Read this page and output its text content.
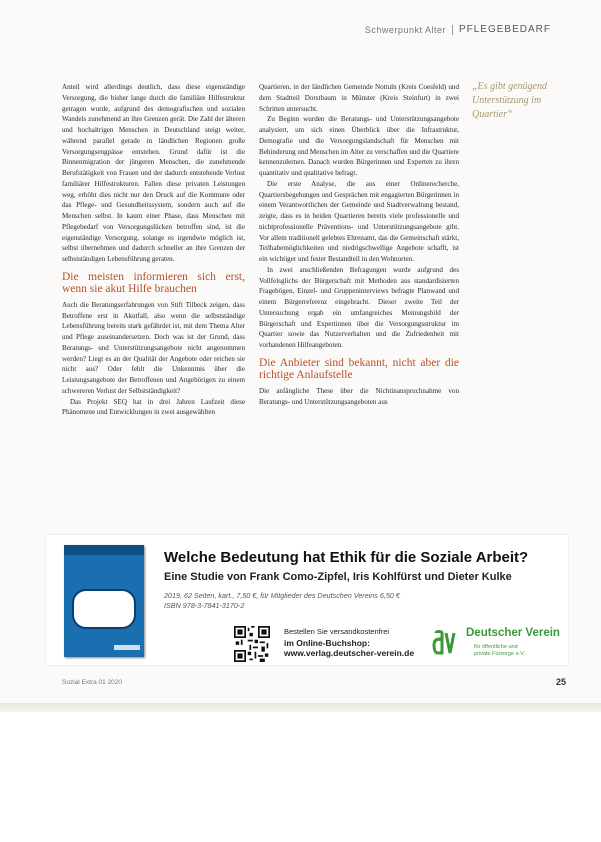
Schwerpunkt Alter PFLEGEBEDARF

Anteil wird allerdings deutlich, dass diese eigenständige Versorgung, die bisher lange durch die familiäre Hilfestruktur getragen wurde, aufgrund des demografischen und sozialen Wandels zunehmend an ihre Grenzen gerät. Die Zahl der älteren und hochaltrigen Menschen in Deutschland steigt weiter, während parallel gerade in ländlichen Regionen große Versorgungsengpässe entstehen. Grund dafür ist die Binnenmigration der jüngeren Menschen, die zunehmende Berufstätigkeit von Frauen und der dadurch entstehende Verlust familiärer Hilfestrukturen. Fallen diese privaten Leistungen weg, erhöht dies nicht nur den Druck auf die Kommune oder das Pflege- und Gesundheitssystem, sondern auch auf die Menschen selbst. In kaum einer Phase, dass Menschen mit Pflegebedarf von Versorgungslücken betroffen sind, ist die eigenständige Versorgung, solange es irgendwie möglich ist, selbst übernehmen und dadurch schneller an ihre Grenzen der selbstständigen Lebensführung geraten.

Die meisten informieren sich erst, wenn sie akut Hilfe brauchen

Auch die Beratungserfahrungen von Stift Tilbeck zeigen, dass Betroffene erst in Akutfall, also wenn die selbstständige Lebensführung bereits stark gefährdet ist, mit dem Thema Alter und Pflege auseinandersetzen. Doch was ist der Grund, dass Beratungs- und Unterstützungsangebote nicht angenommen werden? Liegt es an der Qualität der Angebote oder reichen sie nicht aus? Oder fehlt die Unkenntnis über die Leistungsangebote der Betroffenen und Angehörigen zu einem schwereren Verlust der Selbstständigkeit?

Das Projekt SEQ hat in drei Jahren Laufzeit diese Phänomene und Entwicklungen in zwei ausgewählten

Quartieren, in der ländlichen Gemeinde Nottuln (Kreis Coesfeld) und dem Stadtteil Dorstbaum in Münster (Kreis Steinfurt) in zwei Schritten untersucht.

Zu Beginn wurden die Beratungs- und Unterstützungsangebote analysiert, um sich einen Überblick über die Infrastruktur, Demografie und die Versorgungslandschaft für Menschen mit Behinderung und Menschen im Alter zu verschaffen und die Quartiere kennenzulernen. Danach wurden Bürgerinnen und Experten zu ihren quantitativ und qualitative befragt.

Die erste Analyse, die aus einer Onlinerecherche, Quartiersbegehungen und Gesprächen mit engagierten Bürgerinnen in einem Verantwortlichen der Gemeinde und Stadtverwaltung bestand, zeigte, dass es in beiden Quartieren bereits viele professionelle und nichtprofessionelle Präventions- und Unterstützungsangebote gibt. Vor allem traditionell gelebtes Ehrenamt, das die Gemeinschaft stärkt, Teilhabemöglichkeiten und niedrigschwellige Angebote schafft, ist ein wichtiger und fester Bestandteil in den Wohnorten.

In zwei anschließenden Befragungen wurde aufgrund des Vollfelsglichs der Bürgerschaft mit Methoden aus standardisierten Fragebögen, Einzel- und Gruppeninterviews befragte Planwand und einem Bürgerreferenz eingebracht. Dieser zweite Teil der Untersuchung ergab ein umfangreiches Meinungsbild der Bürgerschaft und Expertinnen über die Versorgungsstruktur im Quartier sowie das Nutzerverhalten und die Zufriedenheit mit vorhandenen Hilfeangeboten.

Die Anbieter sind bekannt, nicht aber die richtige Anlaufstelle

Die anfängliche These über die Nichtinanspruchnahme von Beratungs- und Unterstützungsangeboten aus

„Es gibt genügend Unterstützung im Quartier“
Welche Bedeutung hat Ethik für die Soziale Arbeit?
Eine Studie von Frank Como-Zipfel, Iris Kohlfürst und Dieter Kulke
2019, 62 Seiten, kart., 7,50 €, für Mitglieder des Deutschen Vereins 6,50 €
ISBN 978-3-7841-3170-2
Bestellen Sie versandkostenfrei
im Online-Buchshop:
www.verlag.deutscher-verein.de
Deutscher Verein
für öffentliche und
private Fürsorge e.V.
Sozial Extra 01 2020	25
